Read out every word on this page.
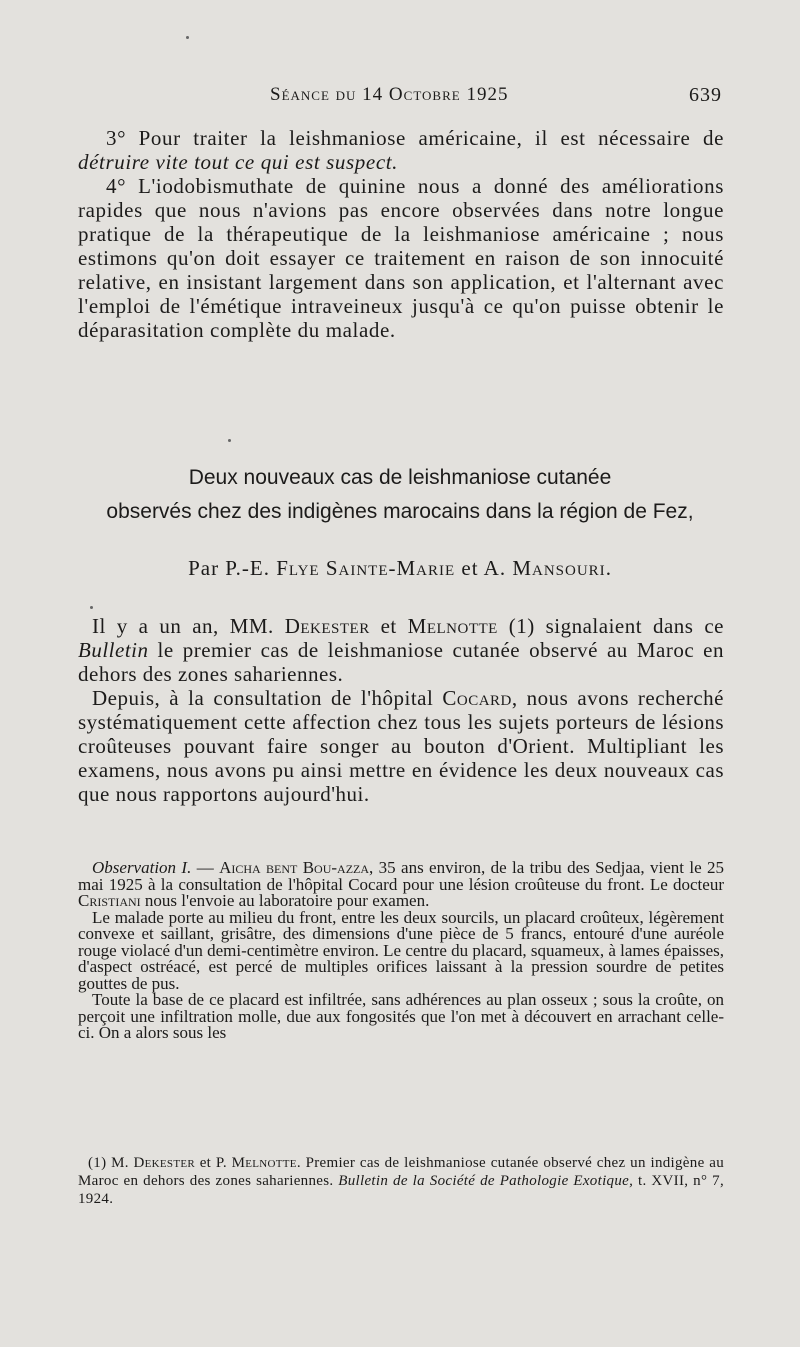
Séance du 14 Octobre 1925	639

3° Pour traiter la leishmaniose américaine, il est nécessaire de détruire vite tout ce qui est suspect.

4° L'iodobismuthate de quinine nous a donné des améliorations rapides que nous n'avions pas encore observées dans notre longue pratique de la thérapeutique de la leishmaniose américaine ; nous estimons qu'on doit essayer ce traitement en raison de son innocuité relative, en insistant largement dans son application, et l'alternant avec l'emploi de l'émétique intraveineux jusqu'à ce qu'on puisse obtenir le déparasitation complète du malade.

Deux nouveaux cas de leishmaniose cutanée
observés chez des indigènes marocains dans la région de Fez,
Par P.-E. Flye Sainte-Marie et A. Mansouri.

Il y a un an, MM. Dekester et Melnotte (1) signalaient dans ce Bulletin le premier cas de leishmaniose cutanée observé au Maroc en dehors des zones sahariennes.

Depuis, à la consultation de l'hôpital Cocard, nous avons recherché systématiquement cette affection chez tous les sujets porteurs de lésions croûteuses pouvant faire songer au bouton d'Orient. Multipliant les examens, nous avons pu ainsi mettre en évidence les deux nouveaux cas que nous rapportons aujourd'hui.

Observation I. — Aicha bent Bou-azza, 35 ans environ, de la tribu des Sedjaa, vient le 25 mai 1925 à la consultation de l'hôpital Cocard pour une lésion croûteuse du front. Le docteur Cristiani nous l'envoie au laboratoire pour examen.

Le malade porte au milieu du front, entre les deux sourcils, un placard croûteux, légèrement convexe et saillant, grisâtre, des dimensions d'une pièce de 5 francs, entouré d'une auréole rouge violacé d'un demi-centimètre environ. Le centre du placard, squameux, à lames épaisses, d'aspect ostréacé, est percé de multiples orifices laissant à la pression sourdre de petites gouttes de pus.

Toute la base de ce placard est infiltrée, sans adhérences au plan osseux ; sous la croûte, on perçoit une infiltration molle, due aux fongosités que l'on met à découvert en arrachant celle-ci. On a alors sous les

(1) M. Dekester et P. Melnotte. Premier cas de leishmaniose cutanée observé chez un indigène au Maroc en dehors des zones sahariennes. Bulletin de la Société de Pathologie Exotique, t. XVII, n° 7, 1924.
